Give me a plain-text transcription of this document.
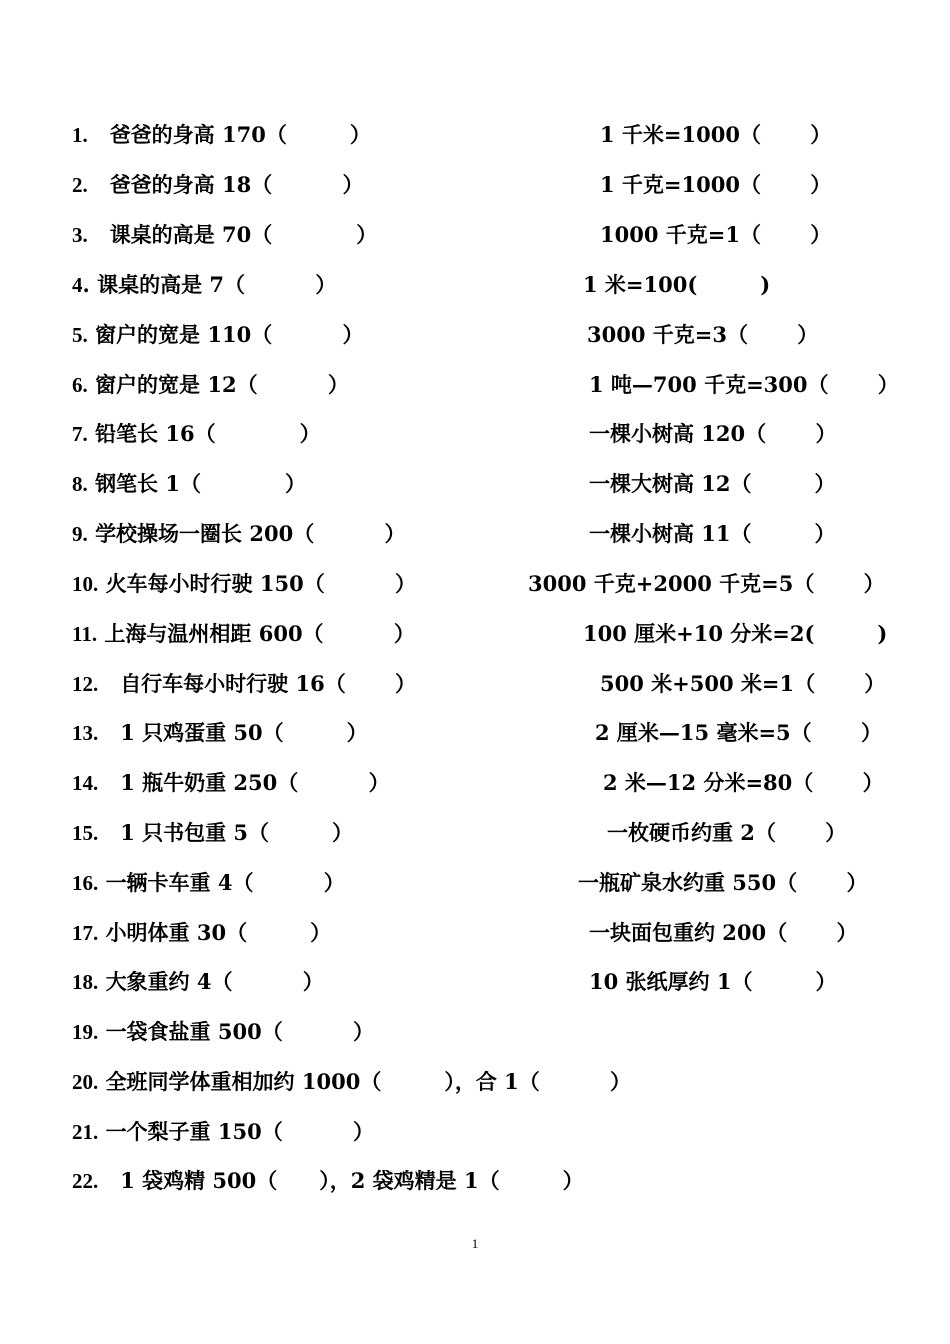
1. 爸爸的身高 170（　　　）
2. 爸爸的身高 18（　　　 ）
3. 课桌的高是 70（　　　　）
4. 课桌的高是 7（　　　 ）
5. 窗户的宽是 110（　　　 ）
6. 窗户的宽是 12（　　　 ）
7. 铅笔长 16（　　　　）
8. 钢笔长 1（　　　　）
9. 学校操场一圈长 200（　　　 ）
10. 火车每小时行驶 150（　　　 ）
11. 上海与温州相距 600（　　　 ）
12. 自行车每小时行驶 16（　　 ）
13. 1 只鸡蛋重 50（　　　）
14. 1 瓶牛奶重 250（　　　 ）
15. 1 只书包重 5（　　　）
16. 一辆卡车重 4（　　　 ）
17. 小明体重 30（　　　）
18. 大象重约 4（　　　 ）
19. 一袋食盐重 500（　　　 ）
20. 全班同学体重相加约 1000（　　　），合 1（　　　 ）
21. 一个梨子重 150（　　　 ）
22. 1 袋鸡精 500（　　），2 袋鸡精是 1（　　　）
1 千米=1000（　　 ）
1 千克=1000（　　 ）
1000 千克=1（　　 ）
1 米=100(　　　)
3000 千克=3（　　 ）
1 吨—700 千克=300（　　 ）
一棵小树高 120（　　 ）
一棵大树高 12（　　　）
一棵小树高 11（　　　）
3000 千克+2000 千克=5（　　 ）
100 厘米+10 分米=2(　　　)
500 米+500 米=1（　　 ）
2 厘米—15 毫米=5（　　 ）
2 米—12 分米=80（　　 ）
一枚硬币约重 2（　　 ）
一瓶矿泉水约重 550（　　 ）
一块面包重约 200（　　 ）
10 张纸厚约 1（　　　）
1
